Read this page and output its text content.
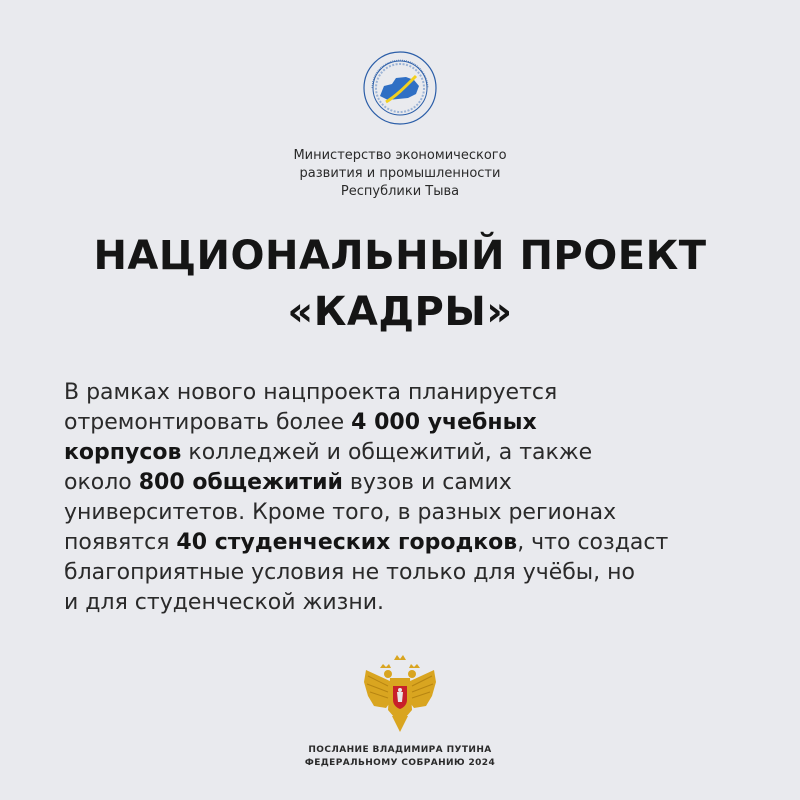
Министерство экономического
развития и промышленности
Республики Тыва
НАЦИОНАЛЬНЫЙ ПРОЕКТ
«КАДРЫ»
В рамках нового нацпроекта планируется
отремонтировать более 4 000 учебных
корпусов колледжей и общежитий, а также
около 800 общежитий вузов и самих
университетов. Кроме того, в разных регионах
появятся 40 студенческих городков, что создаст
благоприятные условия не только для учёбы, но
и для студенческой жизни.
ПОСЛАНИЕ ВЛАДИМИРА ПУТИНА
ФЕДЕРАЛЬНОМУ СОБРАНИЮ 2024
